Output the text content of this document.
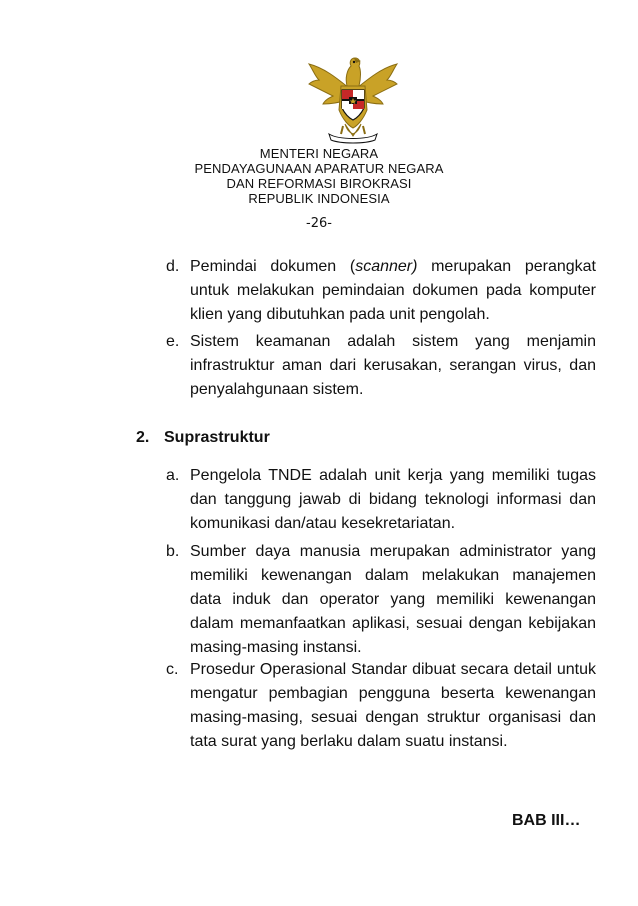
MENTERI NEGARA
PENDAYAGUNAAN APARATUR NEGARA
DAN REFORMASI BIROKRASI
REPUBLIK INDONESIA
-26-
d. Pemindai dokumen (scanner) merupakan perangkat untuk melakukan pemindaian dokumen pada komputer klien yang dibutuhkan pada unit pengolah.
e. Sistem keamanan adalah sistem yang menjamin infrastruktur aman dari kerusakan, serangan virus, dan penyalahgunaan sistem.
2. Suprastruktur
a. Pengelola TNDE adalah unit kerja yang memiliki tugas dan tanggung jawab di bidang teknologi informasi dan komunikasi dan/atau kesekretariatan.
b. Sumber daya manusia merupakan administrator yang memiliki kewenangan dalam melakukan manajemen data induk dan operator yang memiliki kewenangan dalam memanfaatkan aplikasi, sesuai dengan kebijakan masing-masing instansi.
c. Prosedur Operasional Standar dibuat secara detail untuk mengatur pembagian pengguna beserta kewenangan masing-masing, sesuai dengan struktur organisasi dan tata surat yang berlaku dalam suatu instansi.
BAB III…
